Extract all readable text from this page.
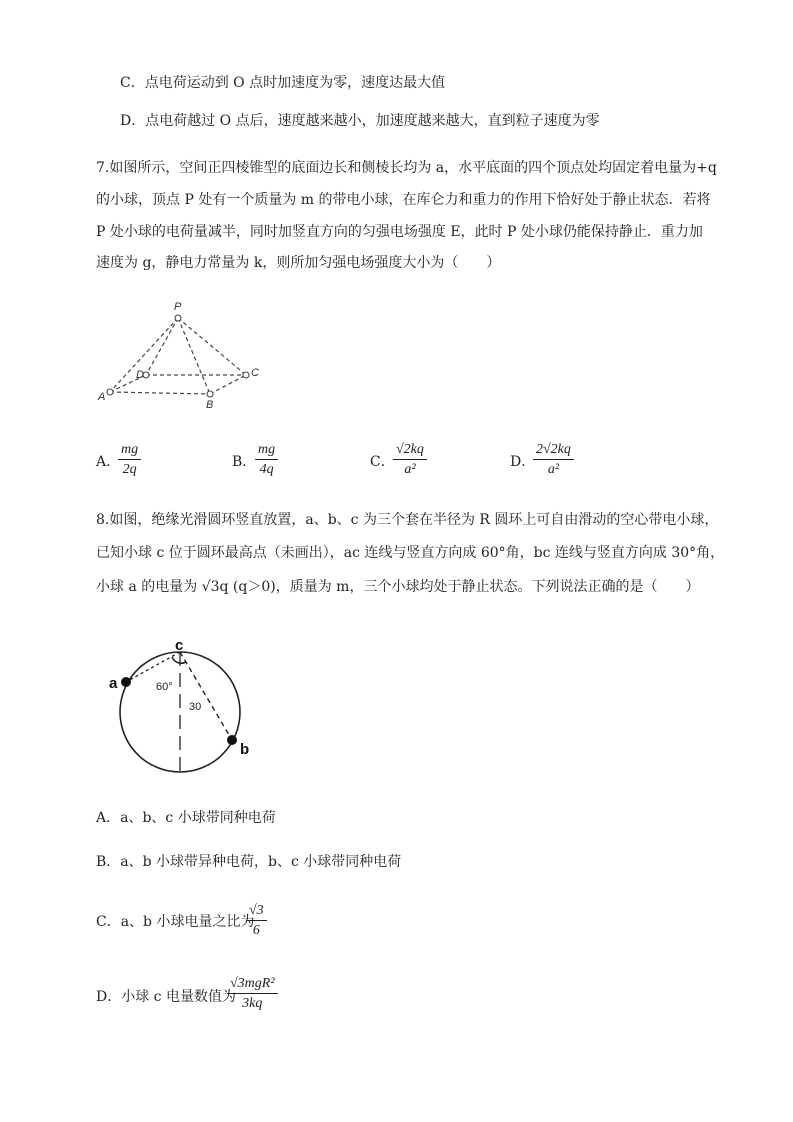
C．点电荷运动到 O 点时加速度为零，速度达最大值
D．点电荷越过 O 点后，速度越来越小，加速度越来越大，直到粒子速度为零
7.如图所示，空间正四棱锥型的底面边长和侧棱长均为 a，水平底面的四个顶点处均固定着电量为+q
的小球，顶点 P 处有一个质量为 m 的带电小球，在库仑力和重力的作用下恰好处于静止状态．若将
P 处小球的电荷量减半，同时加竖直方向的匀强电场强度 E，此时 P 处小球仍能保持静止．重力加
速度为 g，静电力常量为 k，则所加匀强电场强度大小为（　　）
P
A
B
C
D
A．
$\frac{mg}{2q}$	B．
$\frac{mg}{4q}$	C．
$\frac{√2kq}{\text{a²}}$	D．
$\frac{2√2kq}{\text{a²}}$
8.如图，绝缘光滑圆环竖直放置，a、b、c 为三个套在半径为 R 圆环上可自由滑动的空心带电小球，
已知小球 c 位于圆环最高点（未画出），ac 连线与竖直方向成 60°角，bc 连线与竖直方向成 30°角，
小球 a 的电量为 √3q (q＞0)，质量为 m，三个小球均处于静止状态。下列说法正确的是（　　）
a
b
c
60°
30
A．a、b、c 小球带同种电荷
B．a、b 小球带异种电荷，b、c 小球带同种电荷
C．a、b 小球电量之比为
$\frac{√3}{6}$
D．小球 c 电量数值为
√3mgR²
3kq
